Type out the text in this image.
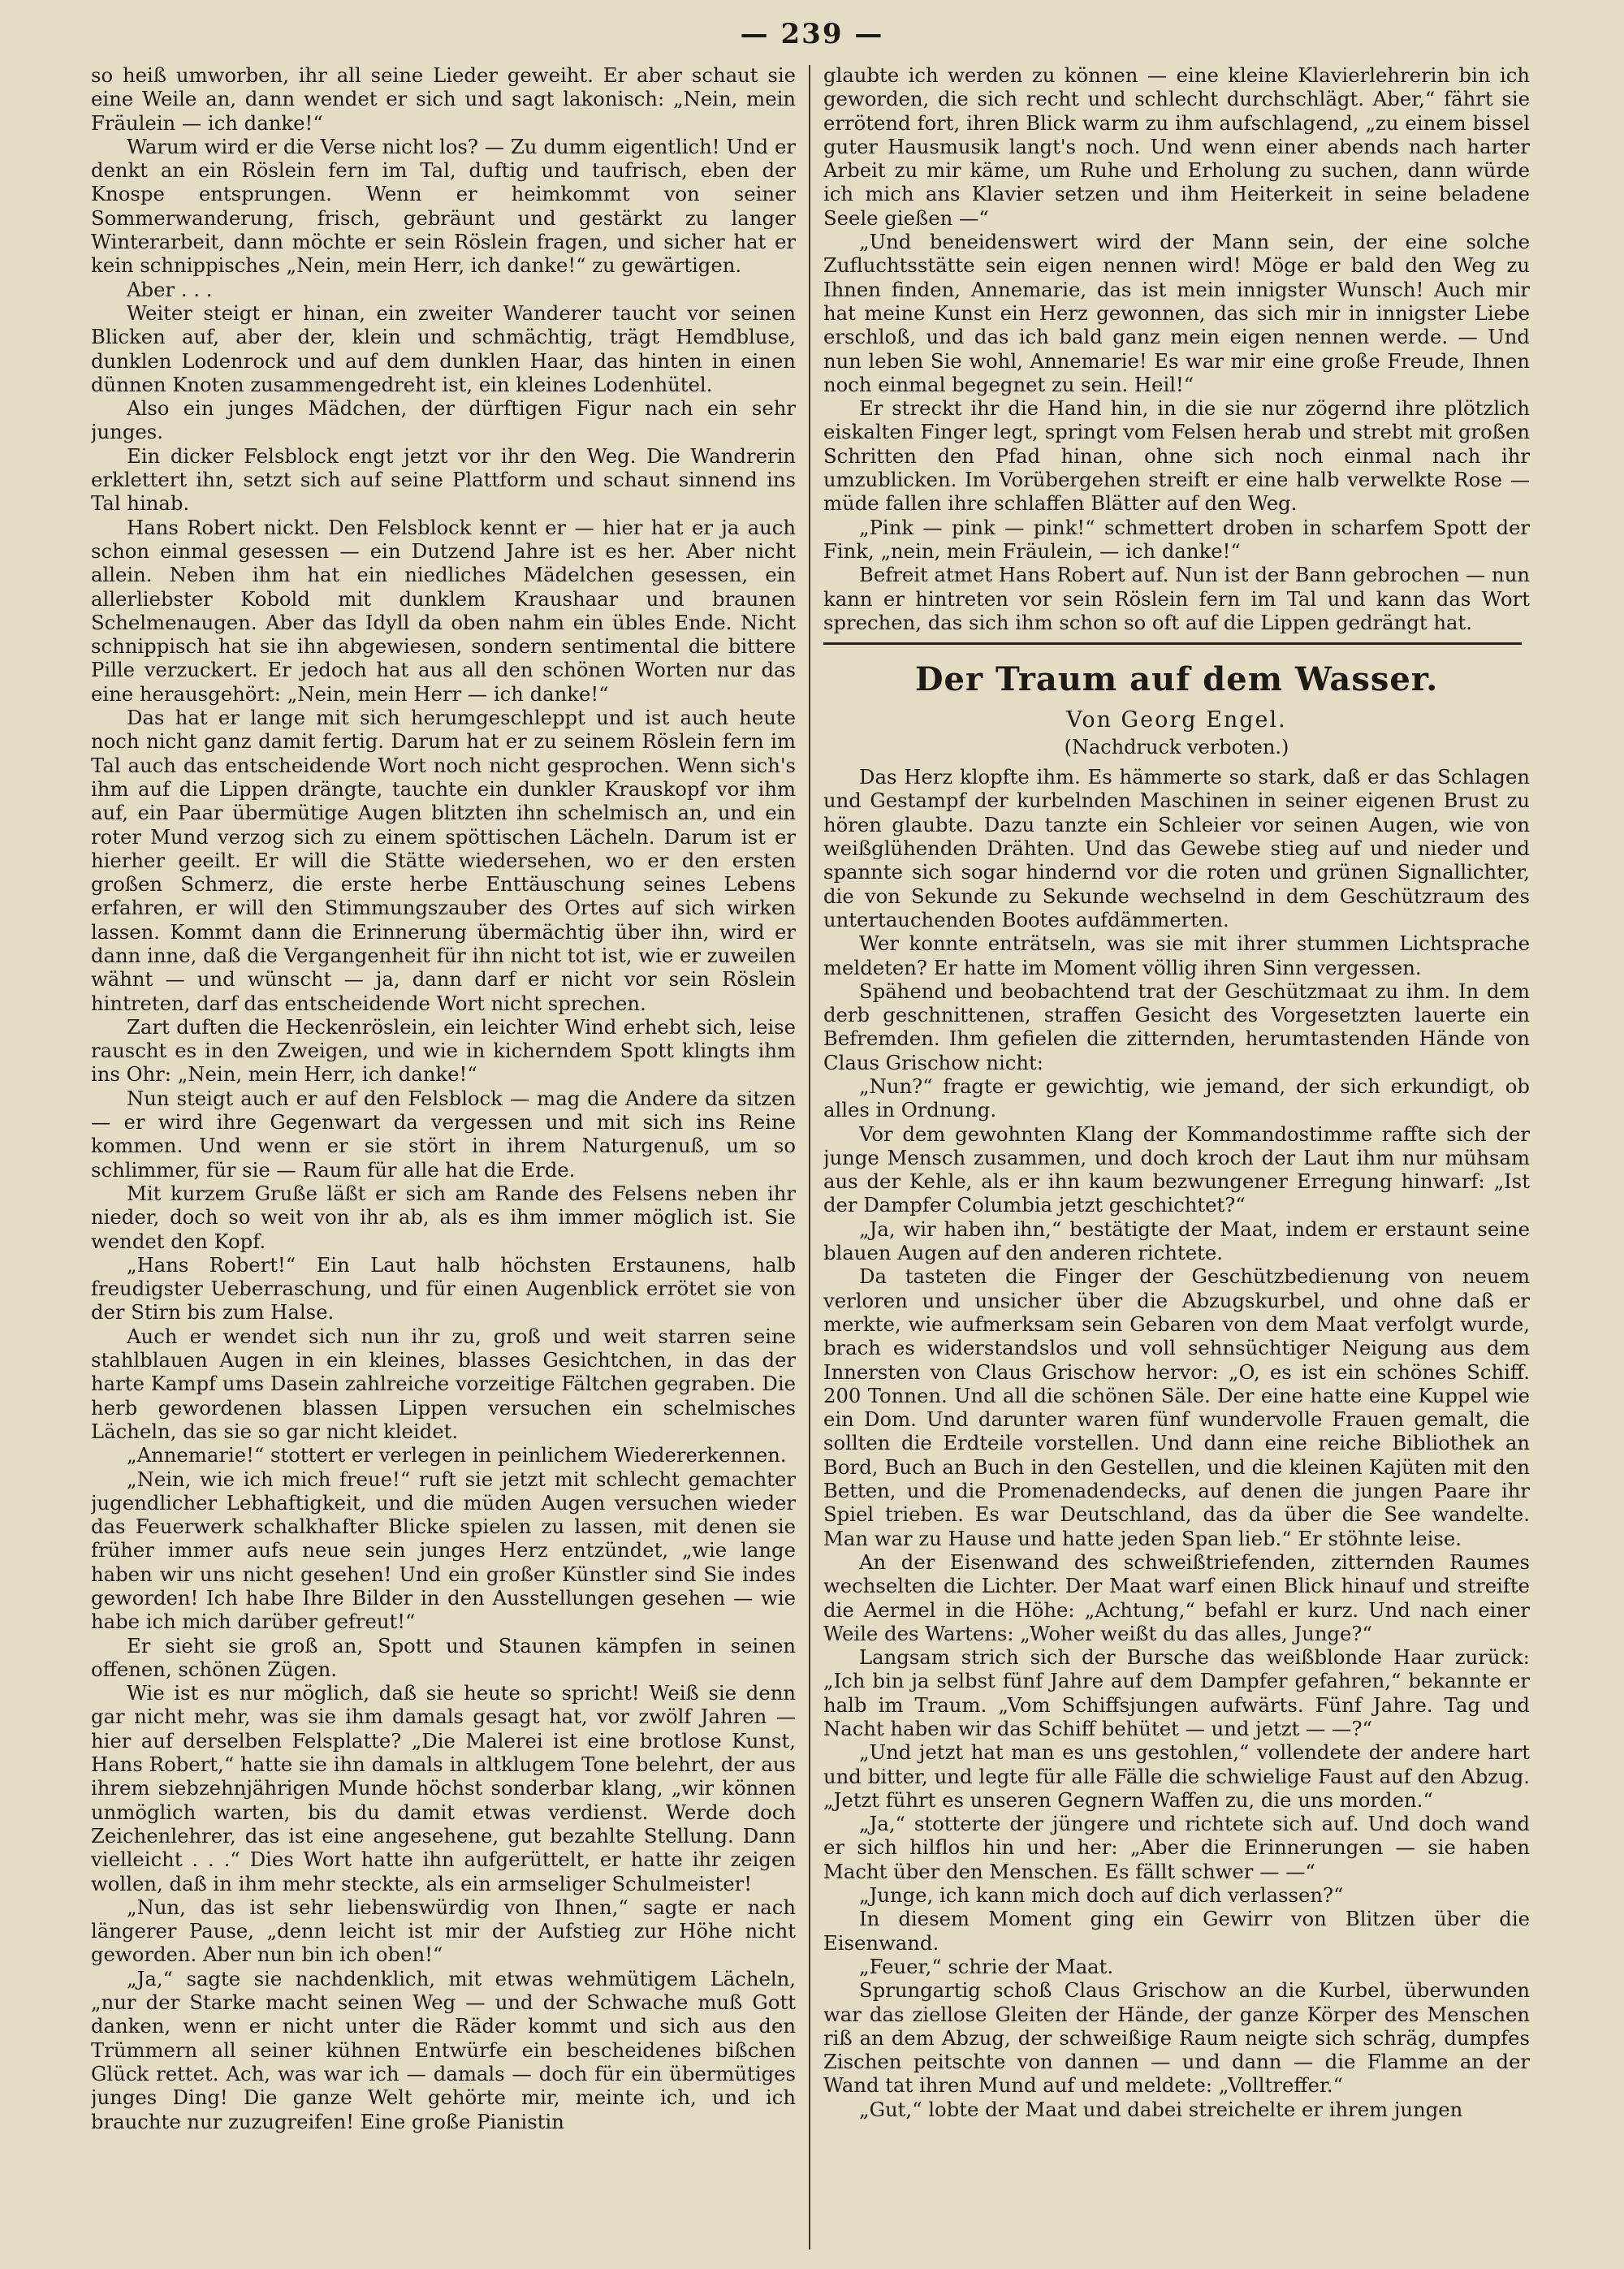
— 239 —

so heiß umworben, ihr all seine Lieder geweiht. Er aber schaut sie eine Weile an, dann wendet er sich und sagt lakonisch: „Nein, mein Fräulein — ich danke!“

Warum wird er die Verse nicht los? — Zu dumm eigentlich! Und er denkt an ein Röslein fern im Tal, duftig und taufrisch, eben der Knospe entsprungen. Wenn er heimkommt von seiner Sommerwanderung, frisch, gebräunt und gestärkt zu langer Winterarbeit, dann möchte er sein Röslein fragen, und sicher hat er kein schnippisches „Nein, mein Herr, ich danke!“ zu gewärtigen.

Aber . . .

Weiter steigt er hinan, ein zweiter Wanderer taucht vor seinen Blicken auf, aber der, klein und schmächtig, trägt Hemdbluse, dunklen Lodenrock und auf dem dunklen Haar, das hinten in einen dünnen Knoten zusammengedreht ist, ein kleines Lodenhütel.

Also ein junges Mädchen, der dürftigen Figur nach ein sehr junges.

Ein dicker Felsblock engt jetzt vor ihr den Weg. Die Wandrerin erklettert ihn, setzt sich auf seine Plattform und schaut sinnend ins Tal hinab.

Hans Robert nickt. Den Felsblock kennt er — hier hat er ja auch schon einmal gesessen — ein Dutzend Jahre ist es her. Aber nicht allein. Neben ihm hat ein niedliches Mädelchen gesessen, ein allerliebster Kobold mit dunklem Kraushaar und braunen Schelmenaugen. Aber das Idyll da oben nahm ein übles Ende. Nicht schnippisch hat sie ihn abgewiesen, sondern sentimental die bittere Pille verzuckert. Er jedoch hat aus all den schönen Worten nur das eine herausgehört: „Nein, mein Herr — ich danke!“

Das hat er lange mit sich herumgeschleppt und ist auch heute noch nicht ganz damit fertig. Darum hat er zu seinem Röslein fern im Tal auch das entscheidende Wort noch nicht gesprochen. Wenn sich's ihm auf die Lippen drängte, tauchte ein dunkler Krauskopf vor ihm auf, ein Paar übermütige Augen blitzten ihn schelmisch an, und ein roter Mund verzog sich zu einem spöttischen Lächeln. Darum ist er hierher geeilt. Er will die Stätte wiedersehen, wo er den ersten großen Schmerz, die erste herbe Enttäuschung seines Lebens erfahren, er will den Stimmungszauber des Ortes auf sich wirken lassen. Kommt dann die Erinnerung übermächtig über ihn, wird er dann inne, daß die Vergangenheit für ihn nicht tot ist, wie er zuweilen wähnt — und wünscht — ja, dann darf er nicht vor sein Röslein hintreten, darf das entscheidende Wort nicht sprechen.

Zart duften die Heckenröslein, ein leichter Wind erhebt sich, leise rauscht es in den Zweigen, und wie in kicherndem Spott klingts ihm ins Ohr: „Nein, mein Herr, ich danke!“

Nun steigt auch er auf den Felsblock — mag die Andere da sitzen — er wird ihre Gegenwart da vergessen und mit sich ins Reine kommen. Und wenn er sie stört in ihrem Naturgenuß, um so schlimmer, für sie — Raum für alle hat die Erde.

Mit kurzem Gruße läßt er sich am Rande des Felsens neben ihr nieder, doch so weit von ihr ab, als es ihm immer möglich ist. Sie wendet den Kopf.

„Hans Robert!“ Ein Laut halb höchsten Erstaunens, halb freudigster Ueberraschung, und für einen Augenblick errötet sie von der Stirn bis zum Halse.

Auch er wendet sich nun ihr zu, groß und weit starren seine stahlblauen Augen in ein kleines, blasses Gesichtchen, in das der harte Kampf ums Dasein zahlreiche vorzeitige Fältchen gegraben. Die herb gewordenen blassen Lippen versuchen ein schelmisches Lächeln, das sie so gar nicht kleidet.

„Annemarie!“ stottert er verlegen in peinlichem Wiedererkennen.

„Nein, wie ich mich freue!“ ruft sie jetzt mit schlecht gemachter jugendlicher Lebhaftigkeit, und die müden Augen versuchen wieder das Feuerwerk schalkhafter Blicke spielen zu lassen, mit denen sie früher immer aufs neue sein junges Herz entzündet, „wie lange haben wir uns nicht gesehen! Und ein großer Künstler sind Sie indes geworden! Ich habe Ihre Bilder in den Ausstellungen gesehen — wie habe ich mich darüber gefreut!“

Er sieht sie groß an, Spott und Staunen kämpfen in seinen offenen, schönen Zügen.

Wie ist es nur möglich, daß sie heute so spricht! Weiß sie denn gar nicht mehr, was sie ihm damals gesagt hat, vor zwölf Jahren — hier auf derselben Felsplatte? „Die Malerei ist eine brotlose Kunst, Hans Robert,“ hatte sie ihn damals in altklugem Tone belehrt, der aus ihrem siebzehnjährigen Munde höchst sonderbar klang, „wir können unmöglich warten, bis du damit etwas verdienst. Werde doch Zeichenlehrer, das ist eine angesehene, gut bezahlte Stellung. Dann vielleicht . . .“ Dies Wort hatte ihn aufgerüttelt, er hatte ihr zeigen wollen, daß in ihm mehr steckte, als ein armseliger Schulmeister!

„Nun, das ist sehr liebenswürdig von Ihnen,“ sagte er nach längerer Pause, „denn leicht ist mir der Aufstieg zur Höhe nicht geworden. Aber nun bin ich oben!“

„Ja,“ sagte sie nachdenklich, mit etwas wehmütigem Lächeln, „nur der Starke macht seinen Weg — und der Schwache muß Gott danken, wenn er nicht unter die Räder kommt und sich aus den Trümmern all seiner kühnen Entwürfe ein bescheidenes bißchen Glück rettet. Ach, was war ich — damals — doch für ein übermütiges junges Ding! Die ganze Welt gehörte mir, meinte ich, und ich brauchte nur zuzugreifen! Eine große Pianistin

glaubte ich werden zu können — eine kleine Klavierlehrerin bin ich geworden, die sich recht und schlecht durchschlägt. Aber,“ fährt sie errötend fort, ihren Blick warm zu ihm aufschlagend, „zu einem bissel guter Hausmusik langt's noch. Und wenn einer abends nach harter Arbeit zu mir käme, um Ruhe und Erholung zu suchen, dann würde ich mich ans Klavier setzen und ihm Heiterkeit in seine beladene Seele gießen —“

„Und beneidenswert wird der Mann sein, der eine solche Zufluchtsstätte sein eigen nennen wird! Möge er bald den Weg zu Ihnen finden, Annemarie, das ist mein innigster Wunsch! Auch mir hat meine Kunst ein Herz gewonnen, das sich mir in innigster Liebe erschloß, und das ich bald ganz mein eigen nennen werde. — Und nun leben Sie wohl, Annemarie! Es war mir eine große Freude, Ihnen noch einmal begegnet zu sein. Heil!“

Er streckt ihr die Hand hin, in die sie nur zögernd ihre plötzlich eiskalten Finger legt, springt vom Felsen herab und strebt mit großen Schritten den Pfad hinan, ohne sich noch einmal nach ihr umzublicken. Im Vorübergehen streift er eine halb verwelkte Rose — müde fallen ihre schlaffen Blätter auf den Weg.

„Pink — pink — pink!“ schmettert droben in scharfem Spott der Fink, „nein, mein Fräulein, — ich danke!“

Befreit atmet Hans Robert auf. Nun ist der Bann gebrochen — nun kann er hintreten vor sein Röslein fern im Tal und kann das Wort sprechen, das sich ihm schon so oft auf die Lippen gedrängt hat.

Der Traum auf dem Wasser.
Von Georg Engel.
(Nachdruck verboten.)

Das Herz klopfte ihm. Es hämmerte so stark, daß er das Schlagen und Gestampf der kurbelnden Maschinen in seiner eigenen Brust zu hören glaubte. Dazu tanzte ein Schleier vor seinen Augen, wie von weißglühenden Drähten. Und das Gewebe stieg auf und nieder und spannte sich sogar hindernd vor die roten und grünen Signallichter, die von Sekunde zu Sekunde wechselnd in dem Geschützraum des untertauchenden Bootes aufdämmerten.

Wer konnte enträtseln, was sie mit ihrer stummen Lichtsprache meldeten? Er hatte im Moment völlig ihren Sinn vergessen.

Spähend und beobachtend trat der Geschützmaat zu ihm. In dem derb geschnittenen, straffen Gesicht des Vorgesetzten lauerte ein Befremden. Ihm gefielen die zitternden, herumtastenden Hände von Claus Grischow nicht:

„Nun?“ fragte er gewichtig, wie jemand, der sich erkundigt, ob alles in Ordnung.

Vor dem gewohnten Klang der Kommandostimme raffte sich der junge Mensch zusammen, und doch kroch der Laut ihm nur mühsam aus der Kehle, als er ihn kaum bezwungener Erregung hinwarf: „Ist der Dampfer Columbia jetzt geschichtet?“

„Ja, wir haben ihn,“ bestätigte der Maat, indem er erstaunt seine blauen Augen auf den anderen richtete.

Da tasteten die Finger der Geschützbedienung von neuem verloren und unsicher über die Abzugskurbel, und ohne daß er merkte, wie aufmerksam sein Gebaren von dem Maat verfolgt wurde, brach es widerstandslos und voll sehnsüchtiger Neigung aus dem Innersten von Claus Grischow hervor: „O, es ist ein schönes Schiff. 200 Tonnen. Und all die schönen Säle. Der eine hatte eine Kuppel wie ein Dom. Und darunter waren fünf wundervolle Frauen gemalt, die sollten die Erdteile vorstellen. Und dann eine reiche Bibliothek an Bord, Buch an Buch in den Gestellen, und die kleinen Kajüten mit den Betten, und die Promenadendecks, auf denen die jungen Paare ihr Spiel trieben. Es war Deutschland, das da über die See wandelte. Man war zu Hause und hatte jeden Span lieb.“ Er stöhnte leise.

An der Eisenwand des schweißtriefenden, zitternden Raumes wechselten die Lichter. Der Maat warf einen Blick hinauf und streifte die Aermel in die Höhe: „Achtung,“ befahl er kurz. Und nach einer Weile des Wartens: „Woher weißt du das alles, Junge?“

Langsam strich sich der Bursche das weißblonde Haar zurück: „Ich bin ja selbst fünf Jahre auf dem Dampfer gefahren,“ bekannte er halb im Traum. „Vom Schiffsjungen aufwärts. Fünf Jahre. Tag und Nacht haben wir das Schiff behütet — und jetzt — —?“

„Und jetzt hat man es uns gestohlen,“ vollendete der andere hart und bitter, und legte für alle Fälle die schwielige Faust auf den Abzug. „Jetzt führt es unseren Gegnern Waffen zu, die uns morden.“

„Ja,“ stotterte der jüngere und richtete sich auf. Und doch wand er sich hilflos hin und her: „Aber die Erinnerungen — sie haben Macht über den Menschen. Es fällt schwer — —“

„Junge, ich kann mich doch auf dich verlassen?“

In diesem Moment ging ein Gewirr von Blitzen über die Eisenwand.

„Feuer,“ schrie der Maat.

Sprungartig schoß Claus Grischow an die Kurbel, überwunden war das ziellose Gleiten der Hände, der ganze Körper des Menschen riß an dem Abzug, der schweißige Raum neigte sich schräg, dumpfes Zischen peitschte von dannen — und dann — die Flamme an der Wand tat ihren Mund auf und meldete: „Volltreffer.“

„Gut,“ lobte der Maat und dabei streichelte er ihrem jungen
